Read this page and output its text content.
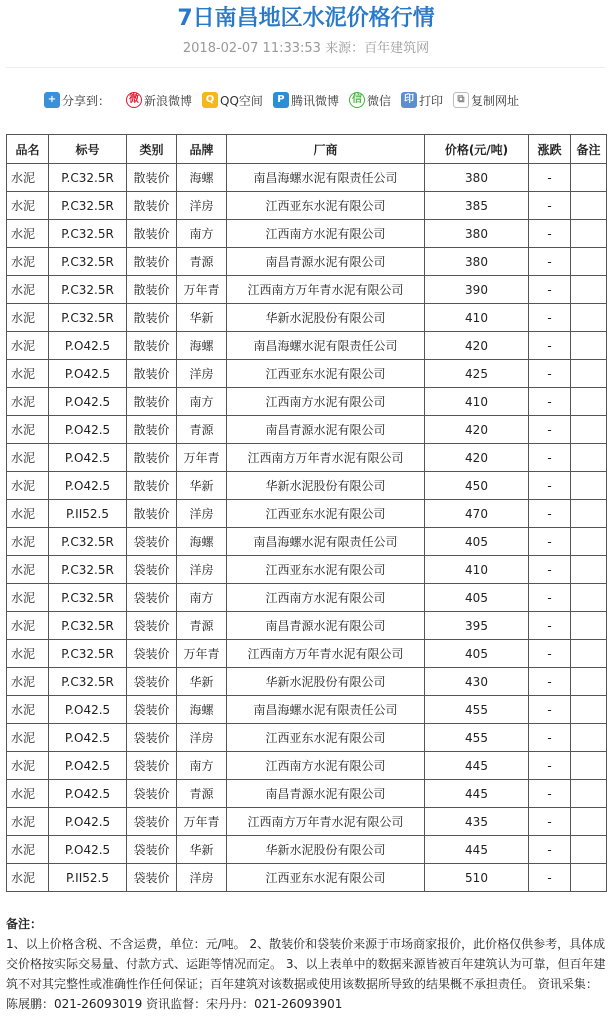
7日南昌地区水泥价格行情
2018-02-07 11:33:53 来源：百年建筑网
+ 分享到：	微 新浪微博	Q QQ空间	P 腾讯微博	信 微信	印 打印	⧉ 复制网址
品名	标号	类别	品牌	厂商	价格(元/吨)	涨跌	备注
水泥	P.C32.5R	散装价	海螺	南昌海螺水泥有限责任公司	380	-	
水泥	P.C32.5R	散装价	洋房	江西亚东水泥有限公司	385	-	
水泥	P.C32.5R	散装价	南方	江西南方水泥有限公司	380	-	
水泥	P.C32.5R	散装价	青源	南昌青源水泥有限公司	380	-	
水泥	P.C32.5R	散装价	万年青	江西南方万年青水泥有限公司	390	-	
水泥	P.C32.5R	散装价	华新	华新水泥股份有限公司	410	-	
水泥	P.O42.5	散装价	海螺	南昌海螺水泥有限责任公司	420	-	
水泥	P.O42.5	散装价	洋房	江西亚东水泥有限公司	425	-	
水泥	P.O42.5	散装价	南方	江西南方水泥有限公司	410	-	
水泥	P.O42.5	散装价	青源	南昌青源水泥有限公司	420	-	
水泥	P.O42.5	散装价	万年青	江西南方万年青水泥有限公司	420	-	
水泥	P.O42.5	散装价	华新	华新水泥股份有限公司	450	-	
水泥	P.II52.5	散装价	洋房	江西亚东水泥有限公司	470	-	
水泥	P.C32.5R	袋装价	海螺	南昌海螺水泥有限责任公司	405	-	
水泥	P.C32.5R	袋装价	洋房	江西亚东水泥有限公司	410	-	
水泥	P.C32.5R	袋装价	南方	江西南方水泥有限公司	405	-	
水泥	P.C32.5R	袋装价	青源	南昌青源水泥有限公司	395	-	
水泥	P.C32.5R	袋装价	万年青	江西南方万年青水泥有限公司	405	-	
水泥	P.C32.5R	袋装价	华新	华新水泥股份有限公司	430	-	
水泥	P.O42.5	袋装价	海螺	南昌海螺水泥有限责任公司	455	-	
水泥	P.O42.5	袋装价	洋房	江西亚东水泥有限公司	455	-	
水泥	P.O42.5	袋装价	南方	江西南方水泥有限公司	445	-	
水泥	P.O42.5	袋装价	青源	南昌青源水泥有限公司	445	-	
水泥	P.O42.5	袋装价	万年青	江西南方万年青水泥有限公司	435	-	
水泥	P.O42.5	袋装价	华新	华新水泥股份有限公司	445	-	
水泥	P.II52.5	袋装价	洋房	江西亚东水泥有限公司	510	-	
备注：
1、以上价格含税、不含运费，单位：元/吨。 2、散装价和袋装价来源于市场商家报价，此价格仅供参考，具体成交价格按实际交易量、付款方式、运距等情况而定。 3、以上表单中的数据来源皆被百年建筑认为可靠，但百年建筑不对其完整性或准确性作任何保证；百年建筑对该数据或使用该数据所导致的结果概不承担责任。 资讯采集：陈展鹏：021-26093019 资讯监督：宋丹丹：021-26093901
